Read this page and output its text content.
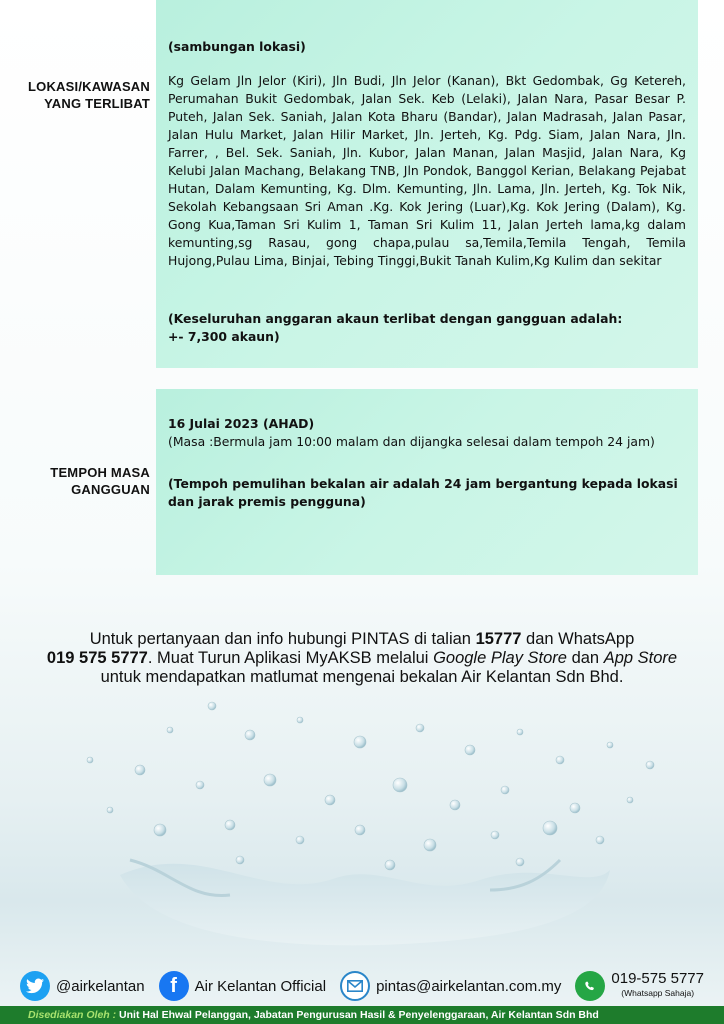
LOKASI/KAWASAN
YANG TERLIBAT

(sambungan lokasi)

Kg Gelam Jln Jelor (Kiri), Jln Budi, Jln Jelor (Kanan), Bkt Gedombak, Gg Ketereh, Perumahan Bukit Gedombak, Jalan Sek. Keb (Lelaki), Jalan Nara, Pasar Besar P. Puteh, Jalan Sek. Saniah, Jalan Kota Bharu (Bandar), Jalan Madrasah, Jalan Pasar, Jalan Hulu Market, Jalan Hilir Market, Jln. Jerteh, Kg. Pdg. Siam, Jalan Nara, Jln. Farrer, , Bel. Sek. Saniah, Jln. Kubor, Jalan Manan, Jalan Masjid, Jalan Nara, Kg Kelubi Jalan Machang, Belakang TNB, Jln Pondok, Banggol Kerian, Belakang Pejabat Hutan, Dalam Kemunting, Kg. Dlm. Kemunting, Jln. Lama, Jln. Jerteh, Kg. Tok Nik, Sekolah Kebangsaan Sri Aman .Kg. Kok Jering (Luar),Kg. Kok Jering (Dalam), Kg. Gong Kua,Taman Sri Kulim 1, Taman Sri Kulim 11, Jalan Jerteh lama,kg dalam kemunting,sg Rasau, gong chapa,pulau sa,Temila,Temila Tengah, Temila Hujong,Pulau Lima, Binjai, Tebing Tinggi,Bukit Tanah Kulim,Kg Kulim dan sekitar

(Keseluruhan anggaran akaun terlibat dengan gangguan adalah:

+- 7,300 akaun)

TEMPOH MASA
GANGGUAN

16 Julai 2023 (AHAD)

(Masa :Bermula jam 10:00 malam dan dijangka selesai dalam tempoh 24 jam)

(Tempoh pemulihan bekalan air adalah 24 jam bergantung kepada lokasi dan jarak premis pengguna)

Untuk pertanyaan dan info hubungi PINTAS di talian 15777 dan WhatsApp
019 575 5777. Muat Turun Aplikasi MyAKSB melalui Google Play Store dan App Store
untuk mendapatkan matlumat mengenai bekalan Air Kelantan Sdn Bhd.
@airkelantan f Air Kelantan Official	pintas@airkelantan.com.my	019-575 5777
(Whatsapp Sahaja)
Disediakan Oleh : Unit Hal Ehwal Pelanggan, Jabatan Pengurusan Hasil & Penyelenggaraan, Air Kelantan Sdn Bhd
